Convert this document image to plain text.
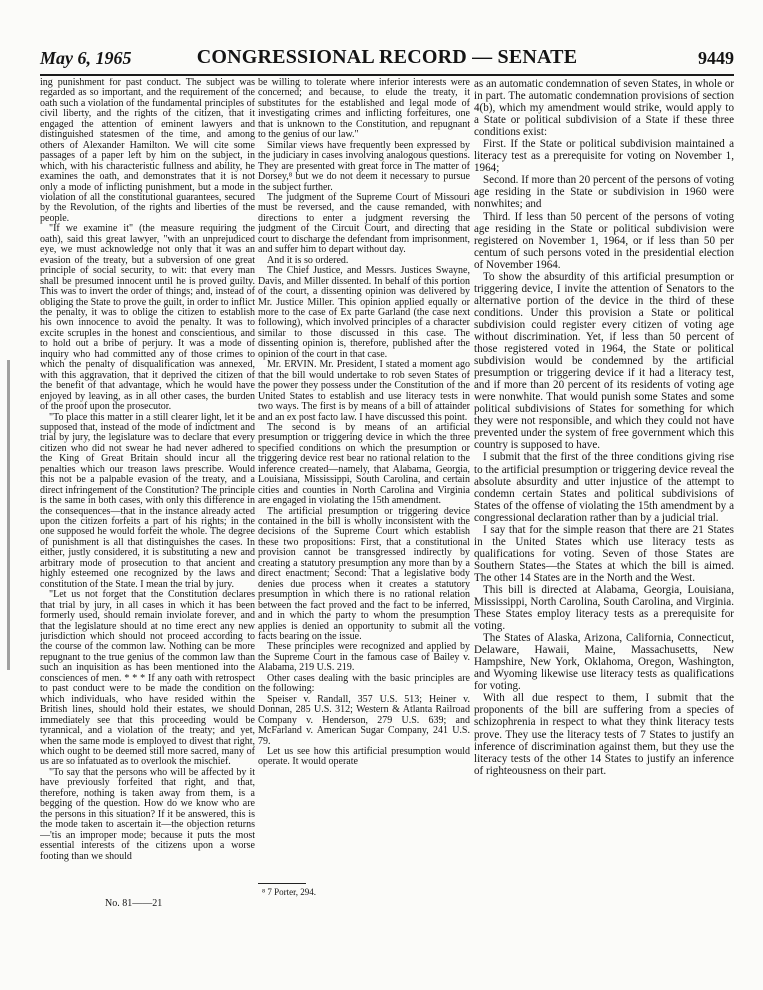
May 6, 1965	CONGRESSIONAL RECORD — SENATE	9449

ing punishment for past conduct. The subject was regarded as so important, and the requirement of the oath such a violation of the fundamental principles of civil liberty, and the rights of the citizen, that it engaged the attention of eminent lawyers and distinguished statesmen of the time, and among others of Alexander Hamilton. We will cite some passages of a paper left by him on the subject, in which, with his characteristic fullness and ability, he examines the oath, and demonstrates that it is not only a mode of inflicting punishment, but a mode in violation of all the constitutional guarantees, secured by the Revolution, of the rights and liberties of the people.

"If we examine it" (the measure requiring the oath), said this great lawyer, "with an unprejudiced eye, we must acknowledge not only that it was an evasion of the treaty, but a subversion of one great principle of social security, to wit: that every man shall be presumed innocent until he is proved guilty. This was to invert the order of things; and, instead of obliging the State to prove the guilt, in order to inflict the penalty, it was to oblige the citizen to establish his own innocence to avoid the penalty. It was to excite scruples in the honest and conscientious, and to hold out a bribe of perjury. It was a mode of inquiry who had committed any of those crimes to which the penalty of disqualification was annexed, with this aggravation, that it deprived the citizen of the benefit of that advantage, which he would have enjoyed by leaving, as in all other cases, the burden of the proof upon the prosecutor.

"To place this matter in a still clearer light, let it be supposed that, instead of the mode of indictment and trial by jury, the legislature was to declare that every citizen who did not swear he had never adhered to the King of Great Britain should incur all the penalties which our treason laws prescribe. Would this not be a palpable evasion of the treaty, and a direct infringement of the Constitution? The principle is the same in both cases, with only this difference in the consequences—that in the instance already acted upon the citizen forfeits a part of his rights; in the one supposed he would forfeit the whole. The degree of punishment is all that distinguishes the cases. In either, justly considered, it is substituting a new and arbitrary mode of prosecution to that ancient and highly esteemed one recognized by the laws and constitution of the State. I mean the trial by jury.

"Let us not forget that the Constitution declares that trial by jury, in all cases in which it has been formerly used, should remain inviolate forever, and that the legislature should at no time erect any new jurisdiction which should not proceed according to the course of the common law. Nothing can be more repugnant to the true genius of the common law than such an inquisition as has been mentioned into the consciences of men. * * * If any oath with retrospect to past conduct were to be made the condition on which individuals, who have resided within the British lines, should hold their estates, we should immediately see that this proceeding would be tyrannical, and a violation of the treaty; and yet, when the same mode is employed to divest that right, which ought to be deemed still more sacred, many of us are so infatuated as to overlook the mischief.

"To say that the persons who will be affected by it have previously forfeited that right, and that, therefore, nothing is taken away from them, is a begging of the question. How do we know who are the persons in this situation? If it be answered, this is the mode taken to ascertain it—the objection returns—'tis an improper mode; because it puts the most essential interests of the citizens upon a worse footing than we should

be willing to tolerate where inferior interests were concerned; and because, to elude the treaty, it substitutes for the established and legal mode of investigating crimes and inflicting forfeitures, one that is unknown to the Constitution, and repugnant to the genius of our law."

Similar views have frequently been expressed by the judiciary in cases involving analogous questions. They are presented with great force in The matter of Dorsey,⁸ but we do not deem it necessary to pursue the subject further.

The judgment of the Supreme Court of Missouri must be reversed, and the cause remanded, with directions to enter a judgment reversing the judgment of the Circuit Court, and directing that court to discharge the defendant from imprisonment, and suffer him to depart without day.

And it is so ordered.

The Chief Justice, and Messrs. Justices Swayne, Davis, and Miller dissented. In behalf of this portion of the court, a dissenting opinion was delivered by Mr. Justice Miller. This opinion applied equally or more to the case of Ex parte Garland (the case next following), which involved principles of a character similar to those discussed in this case. The dissenting opinion is, therefore, published after the opinion of the court in that case.

Mr. ERVIN. Mr. President, I stated a moment ago that the bill would undertake to rob seven States of the power they possess under the Constitution of the United States to establish and use literacy tests in two ways. The first is by means of a bill of attainder and an ex post facto law. I have discussed this point.

The second is by means of an artificial presumption or triggering device in which the three specified conditions on which the presumption or triggering device rest bear no rational relation to the inference created—namely, that Alabama, Georgia, Louisiana, Mississippi, South Carolina, and certain cities and counties in North Carolina and Virginia are engaged in violating the 15th amendment.

The artificial presumption or triggering device contained in the bill is wholly inconsistent with the decisions of the Supreme Court which establish these two propositions: First, that a constitutional provision cannot be transgressed indirectly by creating a statutory presumption any more than by a direct enactment; Second: That a legislative body denies due process when it creates a statutory presumption in which there is no rational relation between the fact proved and the fact to be inferred, and in which the party to whom the presumption applies is denied an opportunity to submit all the facts bearing on the issue.

These principles were recognized and applied by the Supreme Court in the famous case of Bailey v. Alabama, 219 U.S. 219.

Other cases dealing with the basic principles are the following:

Speiser v. Randall, 357 U.S. 513; Heiner v. Donnan, 285 U.S. 312; Western & Atlanta Railroad Company v. Henderson, 279 U.S. 639; and McFarland v. American Sugar Company, 241 U.S. 79.

Let us see how this artificial presumption would operate. It would operate

⁸ 7 Porter, 294.

as an automatic condemnation of seven States, in whole or in part. The automatic condemnation provisions of section 4(b), which my amendment would strike, would apply to a State or political subdivision of a State if these three conditions exist:

First. If the State or political subdivision maintained a literacy test as a prerequisite for voting on November 1, 1964;

Second. If more than 20 percent of the persons of voting age residing in the State or subdivision in 1960 were nonwhites; and

Third. If less than 50 percent of the persons of voting age residing in the State or political subdivision were registered on November 1, 1964, or if less than 50 per centum of such persons voted in the presidential election of November 1964.

To show the absurdity of this artificial presumption or triggering device, I invite the attention of Senators to the alternative portion of the device in the third of these conditions. Under this provision a State or political subdivision could register every citizen of voting age without discrimination. Yet, if less than 50 percent of those registered voted in 1964, the State or political subdivision would be condemned by the artificial presumption or triggering device if it had a literacy test, and if more than 20 percent of its residents of voting age were nonwhite. That would punish some States and some political subdivisions of States for something for which they were not responsible, and which they could not have prevented under the system of free government which this country is supposed to have.

I submit that the first of the three conditions giving rise to the artificial presumption or triggering device reveal the absolute absurdity and utter injustice of the attempt to condemn certain States and political subdivisions of States of the offense of violating the 15th amendment by a congressional declaration rather than by a judicial trial.

I say that for the simple reason that there are 21 States in the United States which use literacy tests as qualifications for voting. Seven of those States are Southern States—the States at which the bill is aimed. The other 14 States are in the North and the West.

This bill is directed at Alabama, Georgia, Louisiana, Mississippi, North Carolina, South Carolina, and Virginia. These States employ literacy tests as a prerequisite for voting.

The States of Alaska, Arizona, California, Connecticut, Delaware, Hawaii, Maine, Massachusetts, New Hampshire, New York, Oklahoma, Oregon, Washington, and Wyoming likewise use literacy tests as qualifications for voting.

With all due respect to them, I submit that the proponents of the bill are suffering from a species of schizophrenia in respect to what they think literacy tests prove. They use the literacy tests of 7 States to justify an inference of discrimination against them, but they use the literacy tests of the other 14 States to justify an inference of righteousness on their part.

No. 81——21
